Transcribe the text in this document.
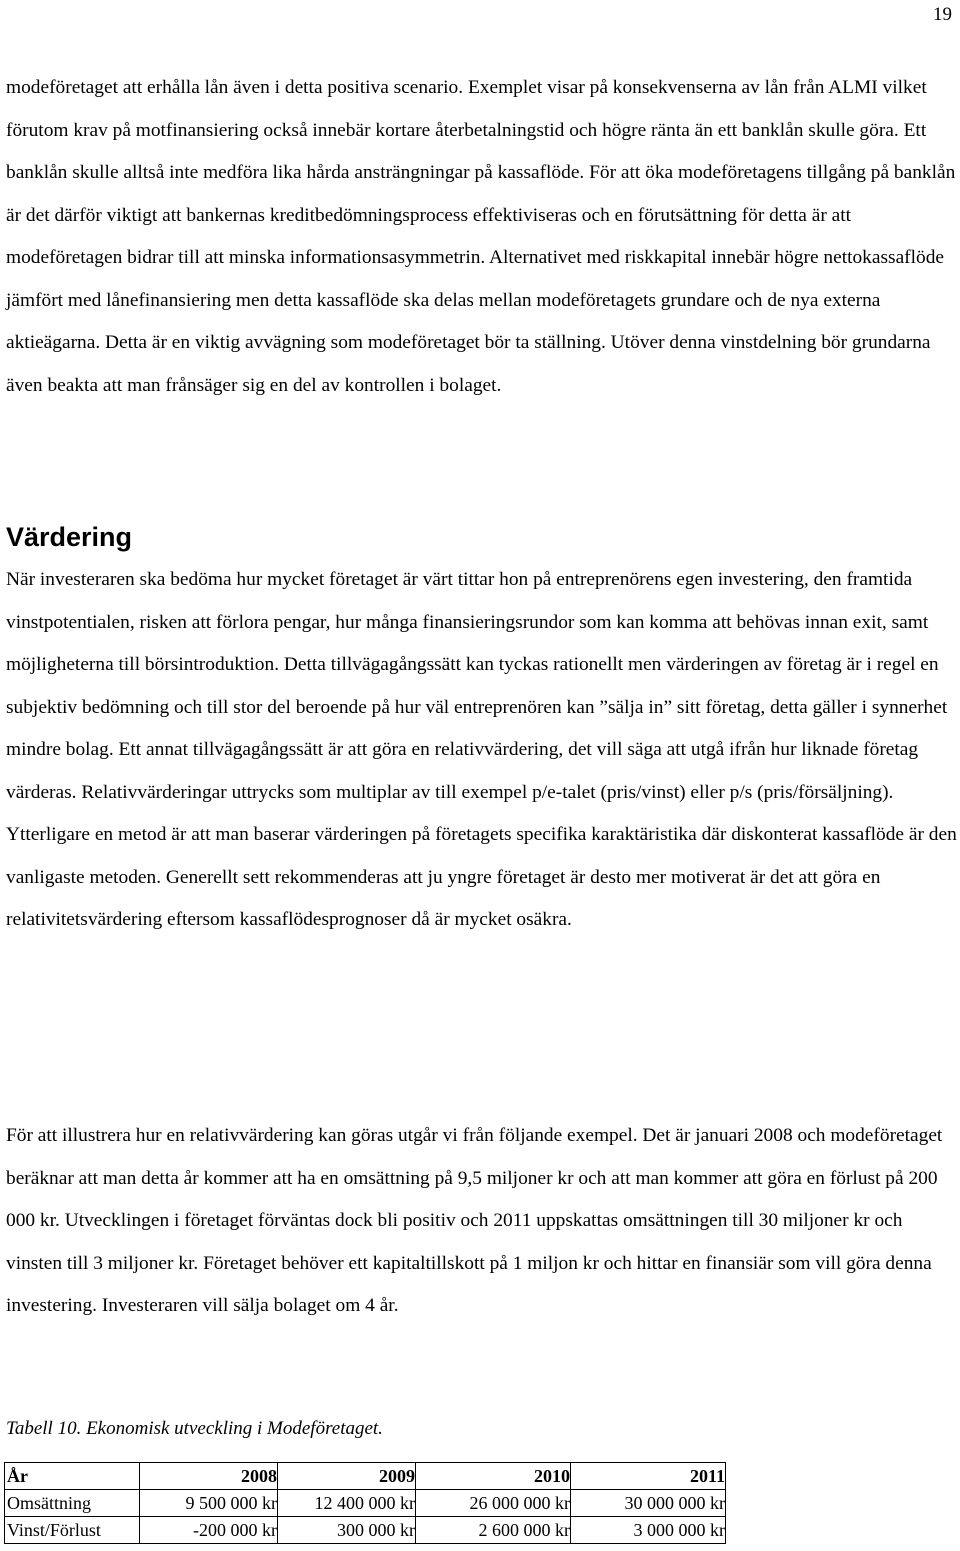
19

modeföretaget att erhålla lån även i detta positiva scenario. Exemplet visar på konsekvenserna av lån från ALMI vilket förutom krav på motfinansiering också innebär kortare återbetalningstid och högre ränta än ett banklån skulle göra. Ett banklån skulle alltså inte medföra lika hårda ansträngningar på kassaflöde. För att öka modeföretagens tillgång på banklån är det därför viktigt att bankernas kreditbedömningsprocess effektiviseras och en förutsättning för detta är att modeföretagen bidrar till att minska informationsasymmetrin. Alternativet med riskkapital innebär högre nettokassaflöde jämfört med lånefinansiering men detta kassaflöde ska delas mellan modeföretagets grundare och de nya externa aktieägarna. Detta är en viktig avvägning som modeföretaget bör ta ställning. Utöver denna vinstdelning bör grundarna även beakta att man frånsäger sig en del av kontrollen i bolaget.

Värdering

När investeraren ska bedöma hur mycket företaget är värt tittar hon på entreprenörens egen investering, den framtida vinstpotentialen, risken att förlora pengar, hur många finansieringsrundor som kan komma att behövas innan exit, samt möjligheterna till börsintroduktion. Detta tillvägagångssätt kan tyckas rationellt men värderingen av företag är i regel en subjektiv bedömning och till stor del beroende på hur väl entreprenören kan ”sälja in” sitt företag, detta gäller i synnerhet mindre bolag. Ett annat tillvägagångssätt är att göra en relativvärdering, det vill säga att utgå ifrån hur liknade företag värderas. Relativvärderingar uttrycks som multiplar av till exempel p/e-talet (pris/vinst) eller p/s (pris/försäljning). Ytterligare en metod är att man baserar värderingen på företagets specifika karaktäristika där diskonterat kassaflöde är den vanligaste metoden. Generellt sett rekommenderas att ju yngre företaget är desto mer motiverat är det att göra en relativitetsvärdering eftersom kassaflödesprognoser då är mycket osäkra.

För att illustrera hur en relativvärdering kan göras utgår vi från följande exempel. Det är januari 2008 och modeföretaget beräknar att man detta år kommer att ha en omsättning på 9,5 miljoner kr och att man kommer att göra en förlust på 200 000 kr. Utvecklingen i företaget förväntas dock bli positiv och 2011 uppskattas omsättningen till 30 miljoner kr och vinsten till 3 miljoner kr. Företaget behöver ett kapitaltillskott på 1 miljon kr och hittar en finansiär som vill göra denna investering. Investeraren vill sälja bolaget om 4 år.

Tabell 10. Ekonomisk utveckling i Modeföretaget.

År	2008	2009	2010	2011
Omsättning	9 500 000 kr	12 400 000 kr	26 000 000 kr	30 000 000 kr
Vinst/Förlust	-200 000 kr	300 000 kr	2 600 000 kr	3 000 000 kr
